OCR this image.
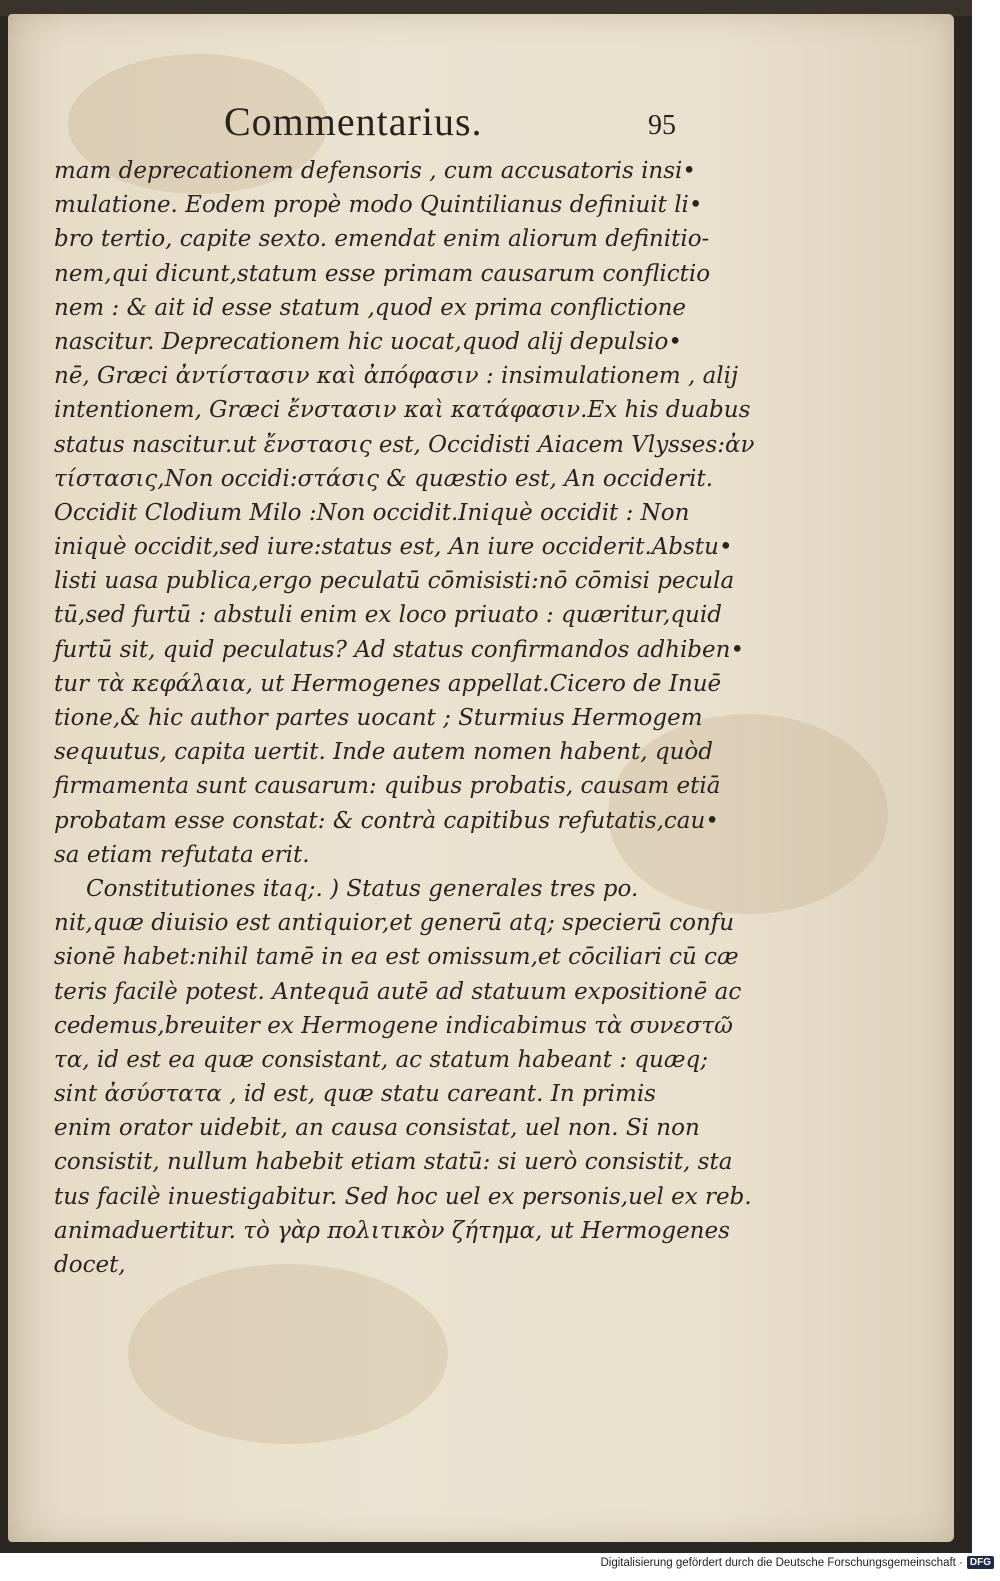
Commentarius.	95
mam deprecationem defensoris , cum accusatoris insi•
mulatione. Eodem propè modo Quintilianus definiuit li•
bro tertio, capite sexto. emendat enim aliorum definitio-
nem,qui dicunt,statum esse primam causarum conflictio
nem : & ait id esse statum ,quod ex prima conflictione
nascitur. Deprecationem hic uocat,quod alij depulsio•
nē, Græci ἀντίστασιν καὶ ἀπόφασιν : insimulationem , alij
intentionem, Græci ἔνστασιν καὶ κατάφασιν.Ex his duabus
status nascitur.ut ἔνστασις est, Occidisti Aiacem Vlysses:ἀν
τίστασις,Non occidi:στάσις & quæstio est, An occiderit.
Occidit Clodium Milo :Non occidit.Iniquè occidit : Non
iniquè occidit,sed iure:status est, An iure occiderit.Abstu•
listi uasa publica,ergo peculatū cōmisisti:nō cōmisi pecula
tū,sed furtū : abstuli enim ex loco priuato : quæritur,quid
furtū sit, quid peculatus? Ad status confirmandos adhiben•
tur τὰ κεφάλαια, ut Hermogenes appellat.Cicero de Inuē
tione,& hic author partes uocant ; Sturmius Hermogem
sequutus, capita uertit. Inde autem nomen habent, quòd
firmamenta sunt causarum: quibus probatis, causam etiā
probatam esse constat: & contrà capitibus refutatis,cau•
sa etiam refutata erit.
Constitutiones itaq;. ) Status generales tres po.
nit,quæ diuisio est antiquior,et generū atq; specierū confu
sionē habet:nihil tamē in ea est omissum,et cōciliari cū cæ
teris facilè potest. Antequā autē ad statuum expositionē ac
cedemus,breuiter ex Hermogene indicabimus τὰ συνεστῶ
τα, id est ea quæ consistant, ac statum habeant : quæq;
sint ἀσύστατα , id est, quæ statu careant. In primis
enim orator uidebit, an causa consistat, uel non. Si non
consistit, nullum habebit etiam statū: si uerò consistit, sta
tus facilè inuestigabitur. Sed hoc uel ex personis,uel ex reb.
animaduertitur. τὸ γὰρ πολιτικὸν ζήτημα, ut Hermogenes
docet,
Digitalisierung gefördert durch die Deutsche Forschungsgemeinschaft · DFG
